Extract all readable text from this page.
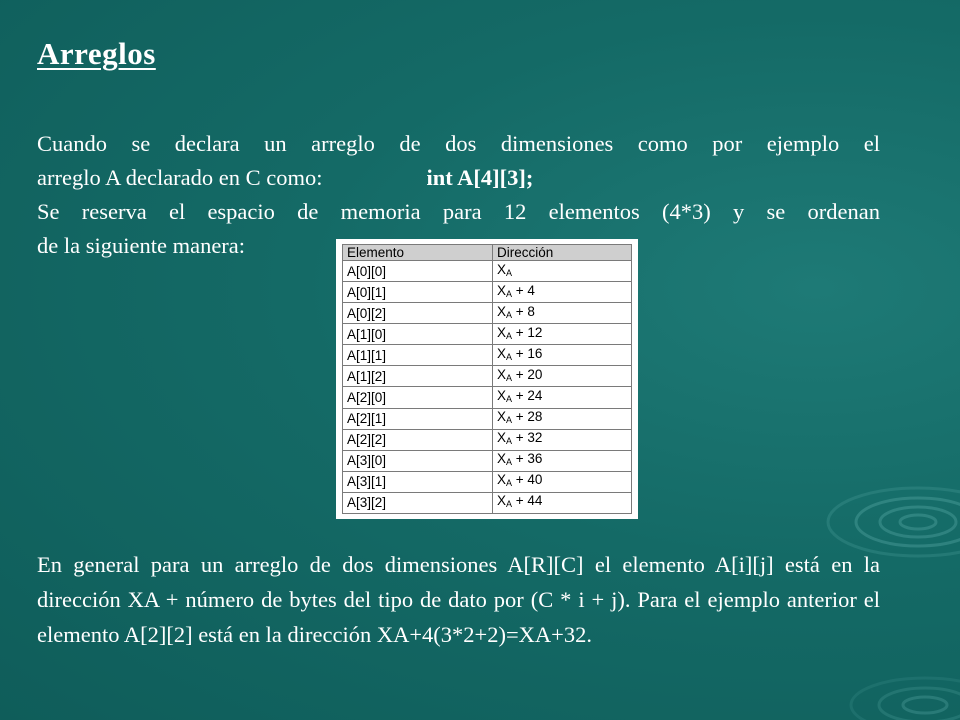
Arreglos
Cuando se declara un arreglo de dos dimensiones como por ejemplo el
arreglo A declarado en C como:	int A[4][3];
Se reserva el espacio de memoria para 12 elementos (4*3) y se ordenan
de la siguiente manera:	Elemento	Dirección
A[0][0]	$X_A$
A[0][1]	$X_A + 4$
A[0][2]	$X_A + 8$
A[1][0]	$X_A + 12$
A[1][1]	$X_A + 16$
A[1][2]	$X_A + 20$
A[2][0]	$X_A + 24$
A[2][1]	$X_A + 28$
A[2][2]	$X_A + 32$
A[3][0]	$X_A + 36$
A[3][1]	$X_A + 40$
A[3][2]	$X_A + 44$
En general para un arreglo de dos dimensiones A[R][C] el elemento A[i][j] está en la dirección XA + número de bytes del tipo de dato por (C * i + j). Para el ejemplo anterior el elemento A[2][2] está en la dirección XA+4(3*2+2)=XA+32.
